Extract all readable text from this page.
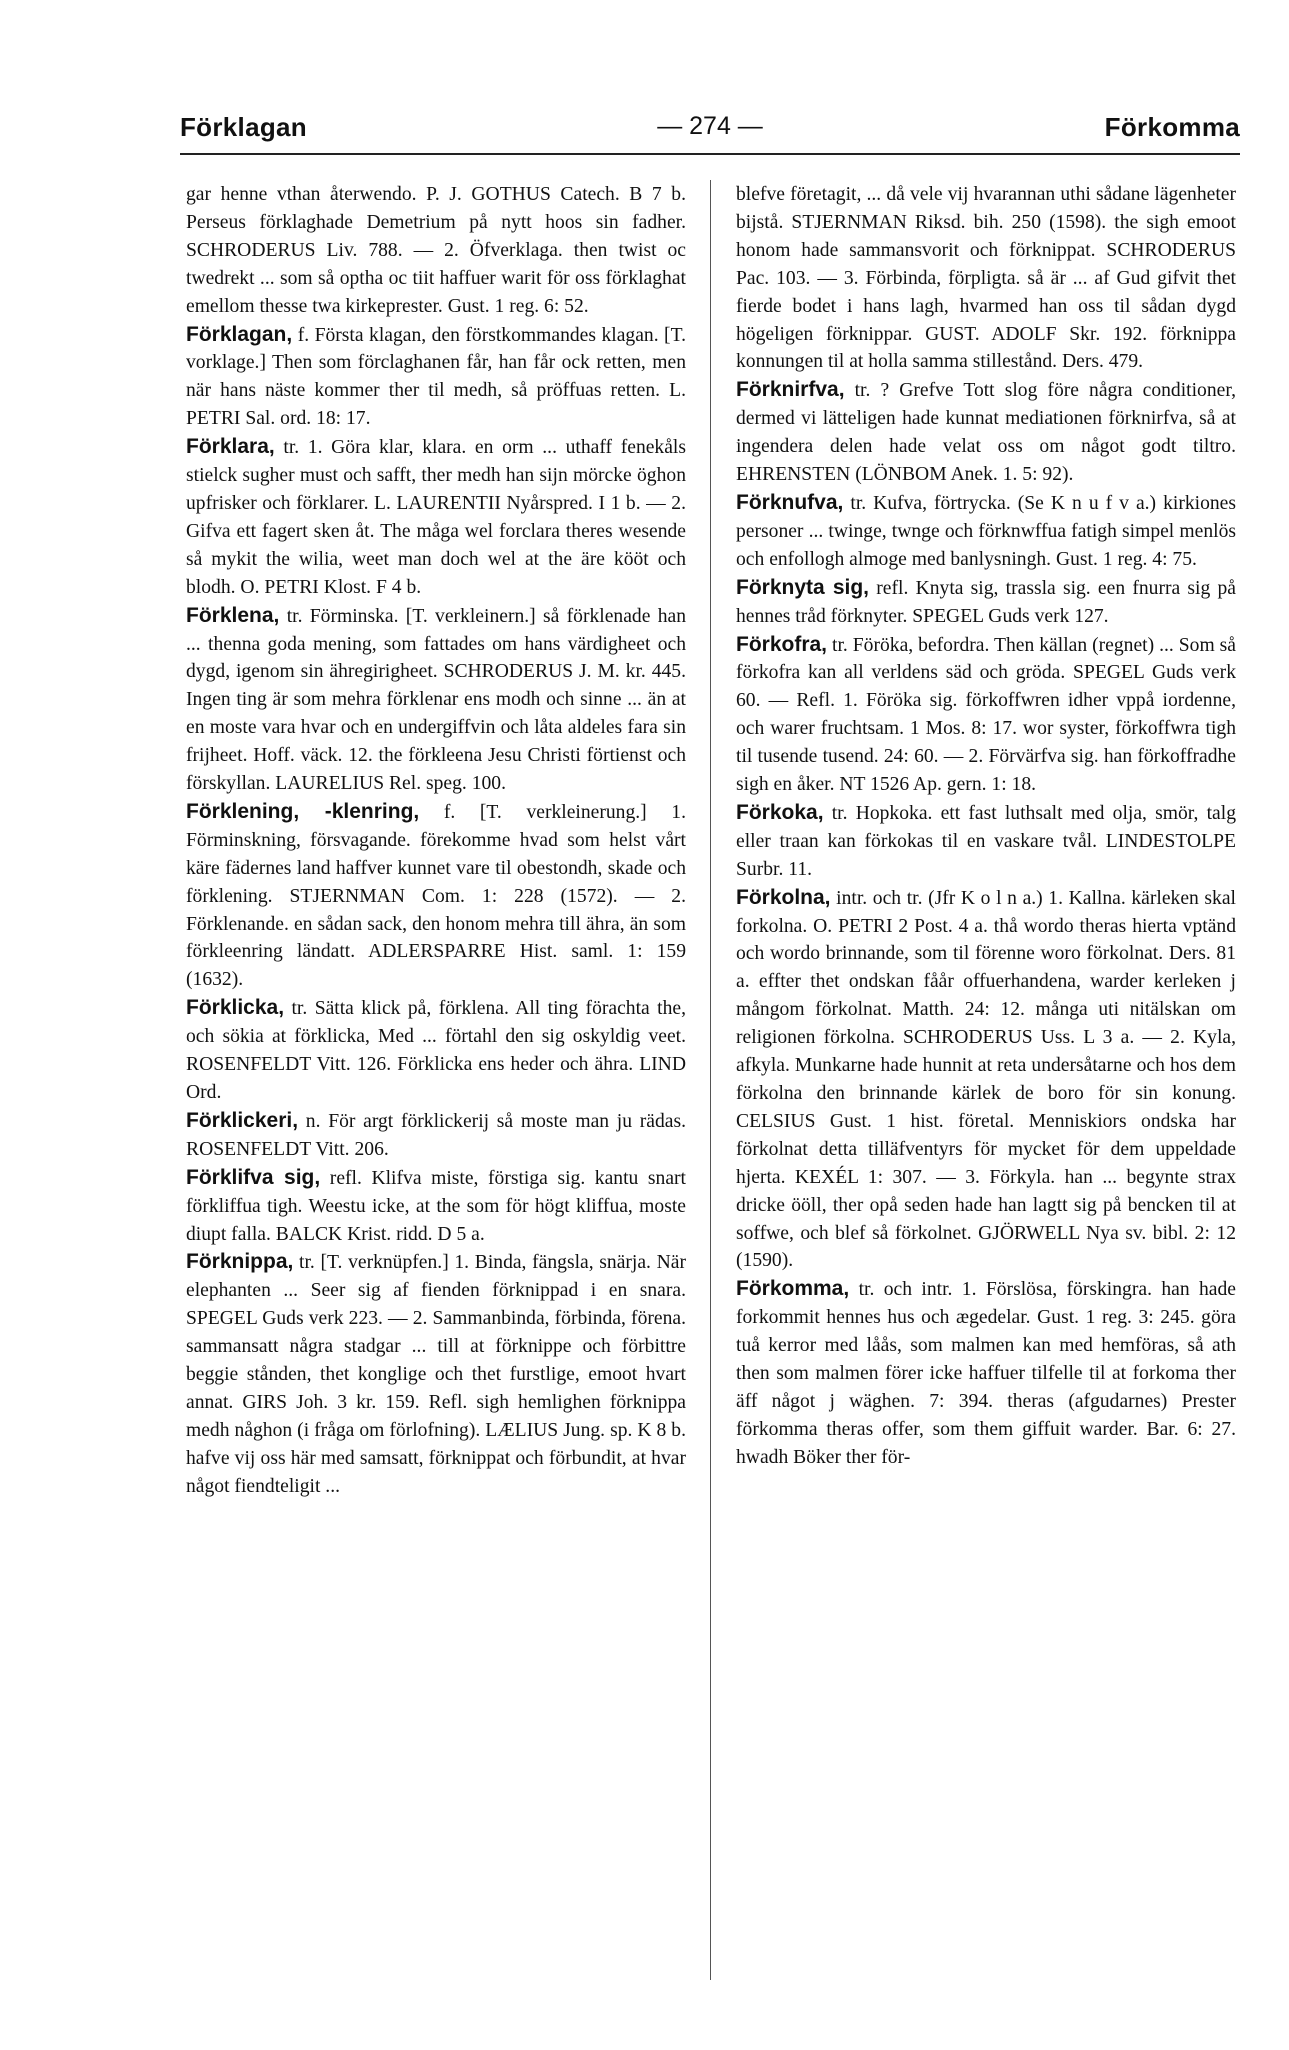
Förklagan	— 274 —	Förkomma

gar henne vthan återwendo. P. J. GOTHUS Catech. B 7 b. Perseus förklaghade Demetrium på nytt hoos sin fadher. SCHRODERUS Liv. 788. — 2. Öfverklaga. then twist oc twedrekt ... som så optha oc tiit haffuer warit för oss förklaghat emellom thesse twa kirkeprester. Gust. 1 reg. 6: 52.

Förklagan, f. Första klagan, den förstkommandes klagan. [T. vorklage.] Then som förclaghanen får, han får ock retten, men när hans näste kommer ther til medh, så pröffuas retten. L. PETRI Sal. ord. 18: 17.

Förklara, tr. 1. Göra klar, klara. en orm ... uthaff fenekåls stielck sugher must och safft, ther medh han sijn mörcke öghon upfrisker och förklarer. L. LAURENTII Nyårspred. I 1 b. — 2. Gifva ett fagert sken åt. The måga wel forclara theres wesende så mykit the wilia, weet man doch wel at the äre kööt och blodh. O. PETRI Klost. F 4 b.

Förklena, tr. Förminska. [T. verkleinern.] så förklenade han ... thenna goda mening, som fattades om hans värdigheet och dygd, igenom sin ähregirigheet. SCHRODERUS J. M. kr. 445. Ingen ting är som mehra förklenar ens modh och sinne ... än at en moste vara hvar och en undergiffvin och låta aldeles fara sin frijheet. Hoff. väck. 12. the förkleena Jesu Christi förtienst och förskyllan. LAURELIUS Rel. speg. 100.

Förklening, -klenring, f. [T. verkleinerung.] 1. Förminskning, försvagande. förekomme hvad som helst vårt käre fädernes land haffver kunnet vare til obestondh, skade och förklening. STJERNMAN Com. 1: 228 (1572). — 2. Förklenande. en sådan sack, den honom mehra till ähra, än som förkleenring ländatt. ADLERSPARRE Hist. saml. 1: 159 (1632).

Förklicka, tr. Sätta klick på, förklena. All ting förachta the, och sökia at förklicka, Med ... förtahl den sig oskyldig veet. ROSENFELDT Vitt. 126. Förklicka ens heder och ähra. LIND Ord.

Förklickeri, n. För argt förklickerij så moste man ju rädas. ROSENFELDT Vitt. 206.

Förklifva sig, refl. Klifva miste, förstiga sig. kantu snart förkliffua tigh. Weestu icke, at the som för högt kliffua, moste diupt falla. BALCK Krist. ridd. D 5 a.

Förknippa, tr. [T. verknüpfen.] 1. Binda, fängsla, snärja. När elephanten ... Seer sig af fienden förknippad i en snara. SPEGEL Guds verk 223. — 2. Sammanbinda, förbinda, förena. sammansatt några stadgar ... till at förknippe och förbittre beggie stånden, thet konglige och thet furstlige, emoot hvart annat. GIRS Joh. 3 kr. 159. Refl. sigh hemlighen förknippa medh någhon (i fråga om förlofning). LÆLIUS Jung. sp. K 8 b. hafve vij oss här med samsatt, förknippat och förbundit, at hvar något fiendteligit ...

blefve företagit, ... då vele vij hvarannan uthi sådane lägenheter bijstå. STJERNMAN Riksd. bih. 250 (1598). the sigh emoot honom hade sammansvorit och förknippat. SCHRODERUS Pac. 103. — 3. Förbinda, förpligta. så är ... af Gud gifvit thet fierde bodet i hans lagh, hvarmed han oss til sådan dygd högeligen förknippar. GUST. ADOLF Skr. 192. förknippa konnungen til at holla samma stillestånd. Ders. 479.

Förknirfva, tr. ? Grefve Tott slog före några conditioner, dermed vi lätteligen hade kunnat mediationen förknirfva, så at ingendera delen hade velat oss om något godt tiltro. EHRENSTEN (LÖNBOM Anek. 1. 5: 92).

Förknufva, tr. Kufva, förtrycka. (Se K n u f v a.) kirkiones personer ... twinge, twnge och förknwffua fatigh simpel menlös och enfollogh almoge med banlysningh. Gust. 1 reg. 4: 75.

Förknyta sig, refl. Knyta sig, trassla sig. een fnurra sig på hennes tråd förknyter. SPEGEL Guds verk 127.

Förkofra, tr. Föröka, befordra. Then källan (regnet) ... Som så förkofra kan all verldens säd och gröda. SPEGEL Guds verk 60. — Refl. 1. Föröka sig. förkoffwren idher vppå iordenne, och warer fruchtsam. 1 Mos. 8: 17. wor syster, förkoffwra tigh til tusende tusend. 24: 60. — 2. Förvärfva sig. han förkoffradhe sigh en åker. NT 1526 Ap. gern. 1: 18.

Förkoka, tr. Hopkoka. ett fast luthsalt med olja, smör, talg eller traan kan förkokas til en vaskare tvål. LINDESTOLPE Surbr. 11.

Förkolna, intr. och tr. (Jfr K o l n a.) 1. Kallna. kärleken skal forkolna. O. PETRI 2 Post. 4 a. thå wordo theras hierta vptänd och wordo brinnande, som til förenne woro förkolnat. Ders. 81 a. effter thet ondskan fåår offuerhandena, warder kerleken j mångom förkolnat. Matth. 24: 12. många uti nitälskan om religionen förkolna. SCHRODERUS Uss. L 3 a. — 2. Kyla, afkyla. Munkarne hade hunnit at reta undersåtarne och hos dem förkolna den brinnande kärlek de boro för sin konung. CELSIUS Gust. 1 hist. företal. Menniskiors ondska har förkolnat detta tilläfventyrs för mycket för dem uppeldade hjerta. KEXÉL 1: 307. — 3. Förkyla. han ... begynte strax dricke ööll, ther opå seden hade han lagtt sig på bencken til at soffwe, och blef så förkolnet. GJÖRWELL Nya sv. bibl. 2: 12 (1590).

Förkomma, tr. och intr. 1. Förslösa, förskingra. han hade forkommit hennes hus och ægedelar. Gust. 1 reg. 3: 245. göra tuå kerror med låås, som malmen kan med hemföras, så ath then som malmen förer icke haffuer tilfelle til at forkoma ther äff något j wäghen. 7: 394. theras (afgudarnes) Prester förkomma theras offer, som them giffuit warder. Bar. 6: 27. hwadh Böker ther för-
